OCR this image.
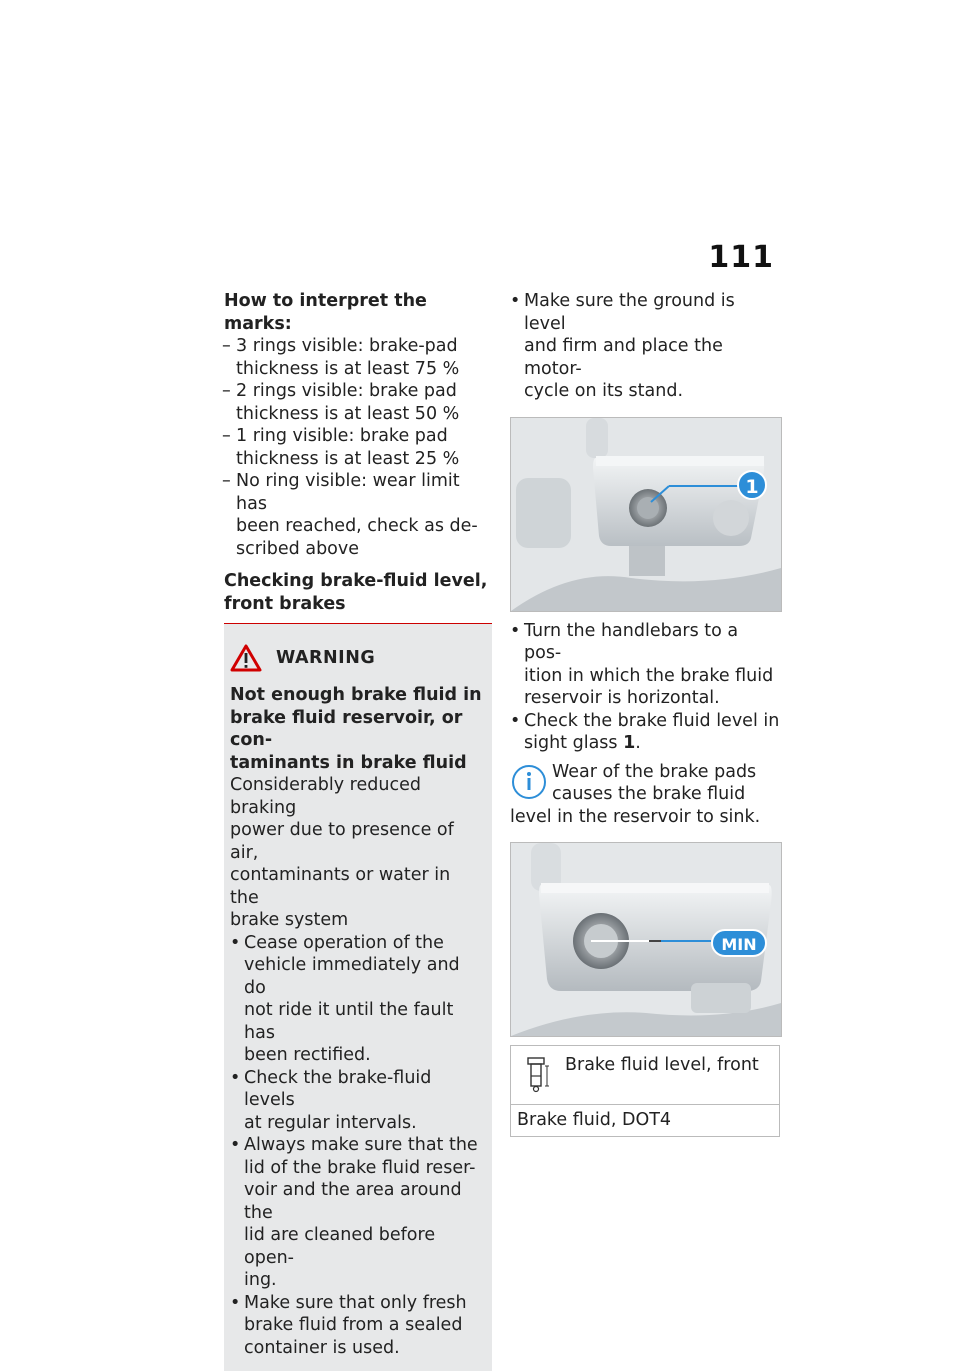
111

How to interpret the marks:

– 3 rings visible: brake-pad
thickness is at least 75 %
– 2 rings visible: brake pad
thickness is at least 50 %
– 1 ring visible: brake pad
thickness is at least 25 %
– No ring visible: wear limit has
been reached, check as de-
scribed above

Checking brake-fluid level,
front brakes

WARNING
Not enough brake fluid in
brake fluid reservoir, or con-
taminants in brake fluid
Considerably reduced braking
power due to presence of air,
contaminants or water in the
brake system
• Cease operation of the
vehicle immediately and do
not ride it until the fault has
been rectified.
• Check the brake-fluid levels
at regular intervals.
• Always make sure that the
lid of the brake fluid reser-
voir and the area around the
lid are cleaned before open-
ing.
• Make sure that only fresh
brake fluid from a sealed
container is used.
• Make sure the ground is level
and firm and place the motor-
cycle on its stand.
1
• Turn the handlebars to a pos-
ition in which the brake fluid
reservoir is horizontal.
• Check the brake fluid level in
sight glass 1.
Wear of the brake pads
causes the brake fluid
level in the reservoir to sink.
MIN
Brake fluid level, front
Brake fluid, DOT4
